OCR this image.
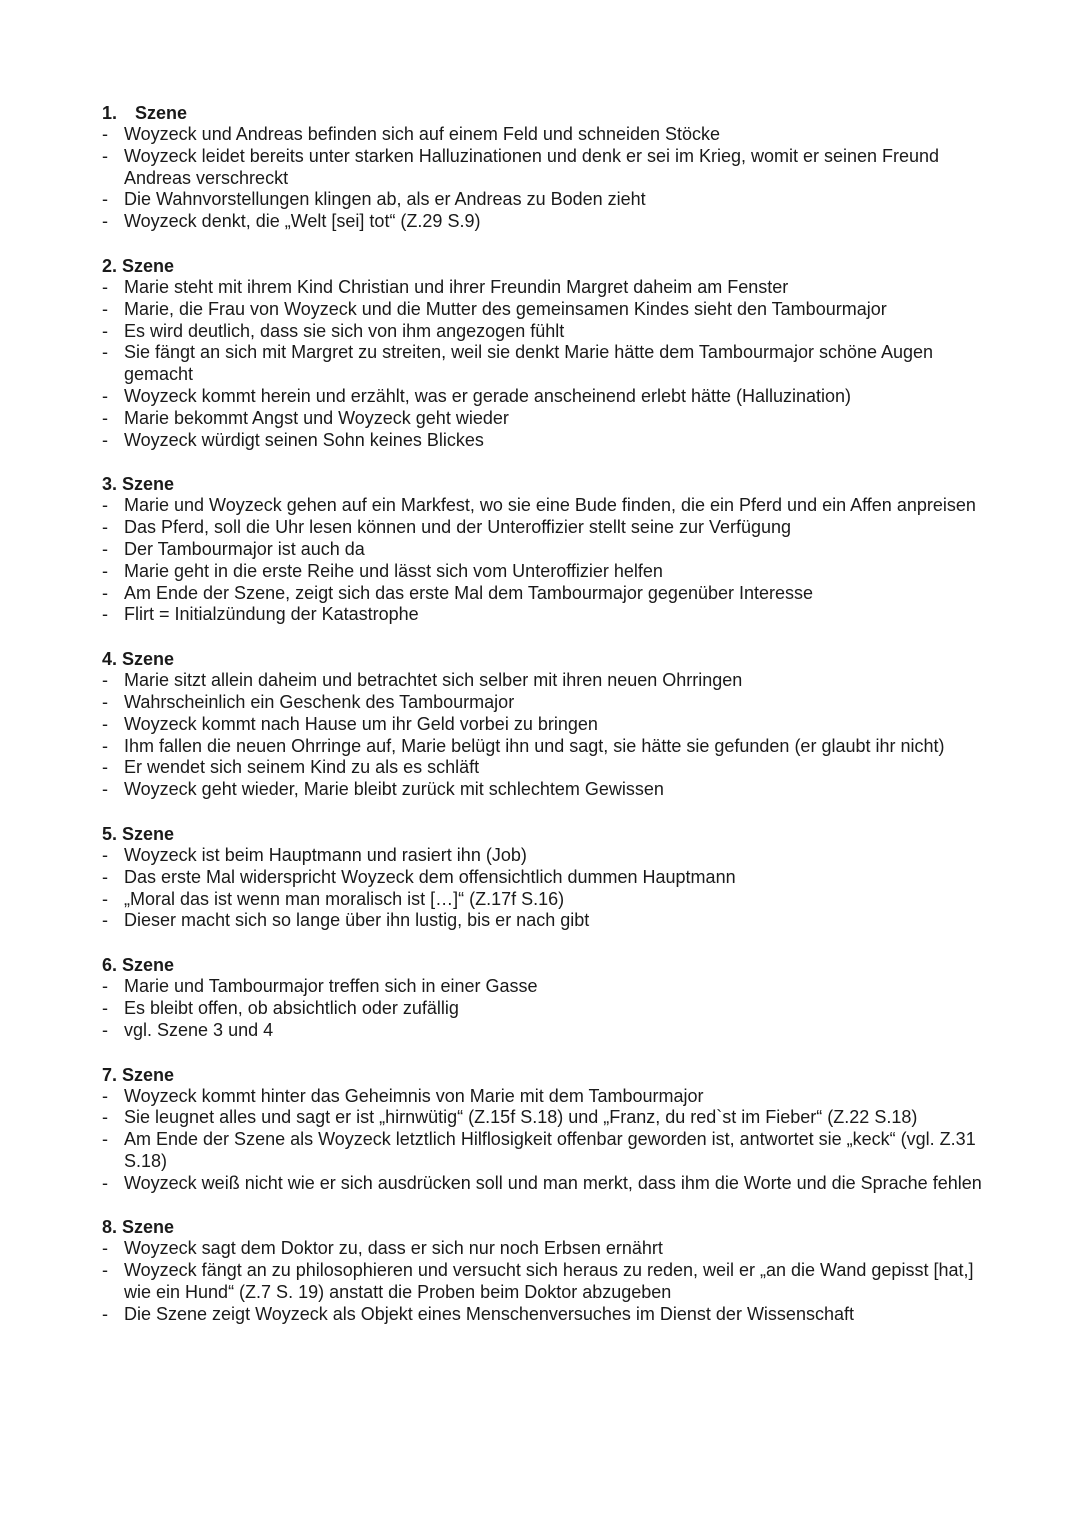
1. Szene
- Woyzeck und Andreas befinden sich auf einem Feld und schneiden Stöcke
- Woyzeck leidet bereits unter starken Halluzinationen und denk er sei im Krieg, womit er seinen Freund Andreas verschreckt
- Die Wahnvorstellungen klingen ab, als er Andreas zu Boden zieht
- Woyzeck denkt, die „Welt [sei] tot“ (Z.29 S.9)
2. Szene
- Marie steht mit ihrem Kind Christian und ihrer Freundin Margret daheim am Fenster
- Marie, die Frau von Woyzeck und die Mutter des gemeinsamen Kindes sieht den Tambourmajor
- Es wird deutlich, dass sie sich von ihm angezogen fühlt
- Sie fängt an sich mit Margret zu streiten, weil sie denkt Marie hätte dem Tambourmajor schöne Augen gemacht
- Woyzeck kommt herein und erzählt, was er gerade anscheinend erlebt hätte (Halluzination)
- Marie bekommt Angst und Woyzeck geht wieder
- Woyzeck würdigt seinen Sohn keines Blickes
3. Szene
- Marie und Woyzeck gehen auf ein Markfest, wo sie eine Bude finden, die ein Pferd und ein Affen anpreisen
- Das Pferd, soll die Uhr lesen können und der Unteroffizier stellt seine zur Verfügung
- Der Tambourmajor ist auch da
- Marie geht in die erste Reihe und lässt sich vom Unteroffizier helfen
- Am Ende der Szene, zeigt sich das erste Mal dem Tambourmajor gegenüber Interesse
- Flirt = Initialzündung der Katastrophe
4. Szene
- Marie sitzt allein daheim und betrachtet sich selber mit ihren neuen Ohrringen
- Wahrscheinlich ein Geschenk des Tambourmajor
- Woyzeck kommt nach Hause um ihr Geld vorbei zu bringen
- Ihm fallen die neuen Ohrringe auf, Marie belügt ihn und sagt, sie hätte sie gefunden (er glaubt ihr nicht)
- Er wendet sich seinem Kind zu als es schläft
- Woyzeck geht wieder, Marie bleibt zurück mit schlechtem Gewissen
5. Szene
- Woyzeck ist beim Hauptmann und rasiert ihn (Job)
- Das erste Mal widerspricht Woyzeck dem offensichtlich dummen Hauptmann
- „Moral das ist wenn man moralisch ist […]“ (Z.17f S.16)
- Dieser macht sich so lange über ihn lustig, bis er nach gibt
6. Szene
- Marie und Tambourmajor treffen sich in einer Gasse
- Es bleibt offen, ob absichtlich oder zufällig
- vgl. Szene 3 und 4
7. Szene
- Woyzeck kommt hinter das Geheimnis von Marie mit dem Tambourmajor
- Sie leugnet alles und sagt er ist „hirnwütig“ (Z.15f S.18) und „Franz, du red`st im Fieber“ (Z.22 S.18)
- Am Ende der Szene als Woyzeck letztlich Hilflosigkeit offenbar geworden ist, antwortet sie „keck“ (vgl. Z.31 S.18)
- Woyzeck weiß nicht wie er sich ausdrücken soll und man merkt, dass ihm die Worte und die Sprache fehlen
8. Szene
- Woyzeck sagt dem Doktor zu, dass er sich nur noch Erbsen ernährt
- Woyzeck fängt an zu philosophieren und versucht sich heraus zu reden, weil er „an die Wand gepisst [hat,] wie ein Hund“ (Z.7 S. 19) anstatt die Proben beim Doktor abzugeben
- Die Szene zeigt Woyzeck als Objekt eines Menschenversuches im Dienst der Wissenschaft
